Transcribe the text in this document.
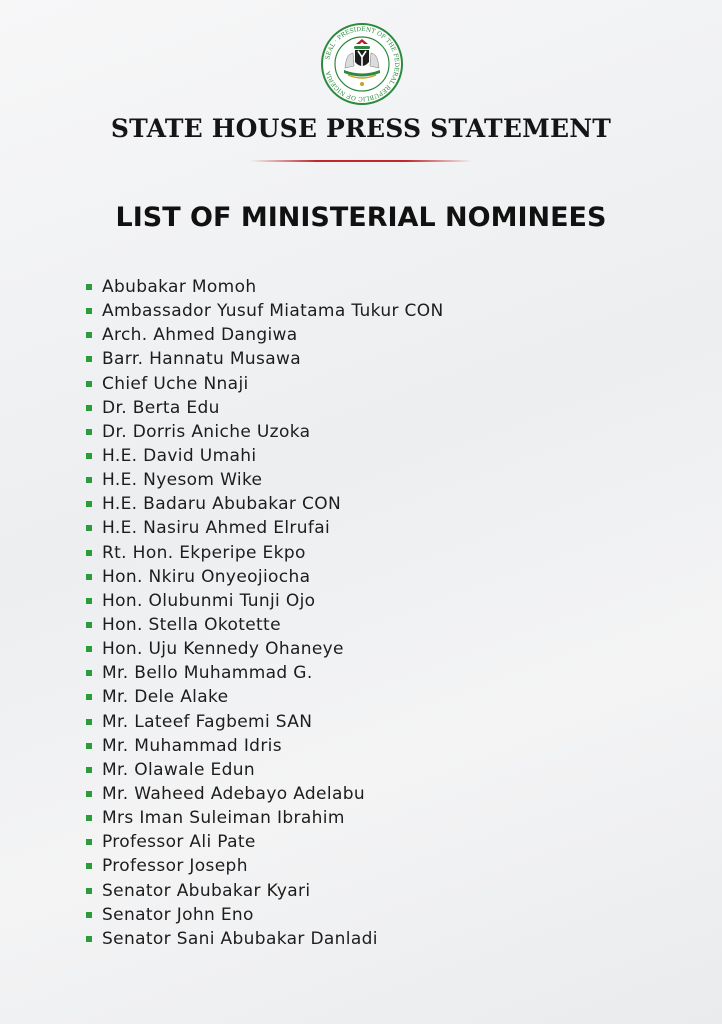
SEAL · PRESIDENT OF THE FEDERAL REPUBLIC OF NIGERIA
STATE HOUSE PRESS STATEMENT
LIST OF MINISTERIAL NOMINEES
Abubakar Momoh
Ambassador Yusuf Miatama Tukur CON
Arch. Ahmed Dangiwa
Barr. Hannatu Musawa
Chief Uche Nnaji
Dr. Berta Edu
Dr. Dorris Aniche Uzoka
H.E. David Umahi
H.E. Nyesom Wike
H.E. Badaru Abubakar CON
H.E. Nasiru Ahmed Elrufai
Rt. Hon. Ekperipe Ekpo
Hon. Nkiru Onyeojiocha
Hon. Olubunmi Tunji Ojo
Hon. Stella Okotette
Hon. Uju Kennedy Ohaneye
Mr. Bello Muhammad G.
Mr. Dele Alake
Mr. Lateef Fagbemi SAN
Mr. Muhammad Idris
Mr. Olawale Edun
Mr. Waheed Adebayo Adelabu
Mrs Iman Suleiman Ibrahim
Professor Ali Pate
Professor Joseph
Senator Abubakar Kyari
Senator John Eno
Senator Sani Abubakar Danladi
